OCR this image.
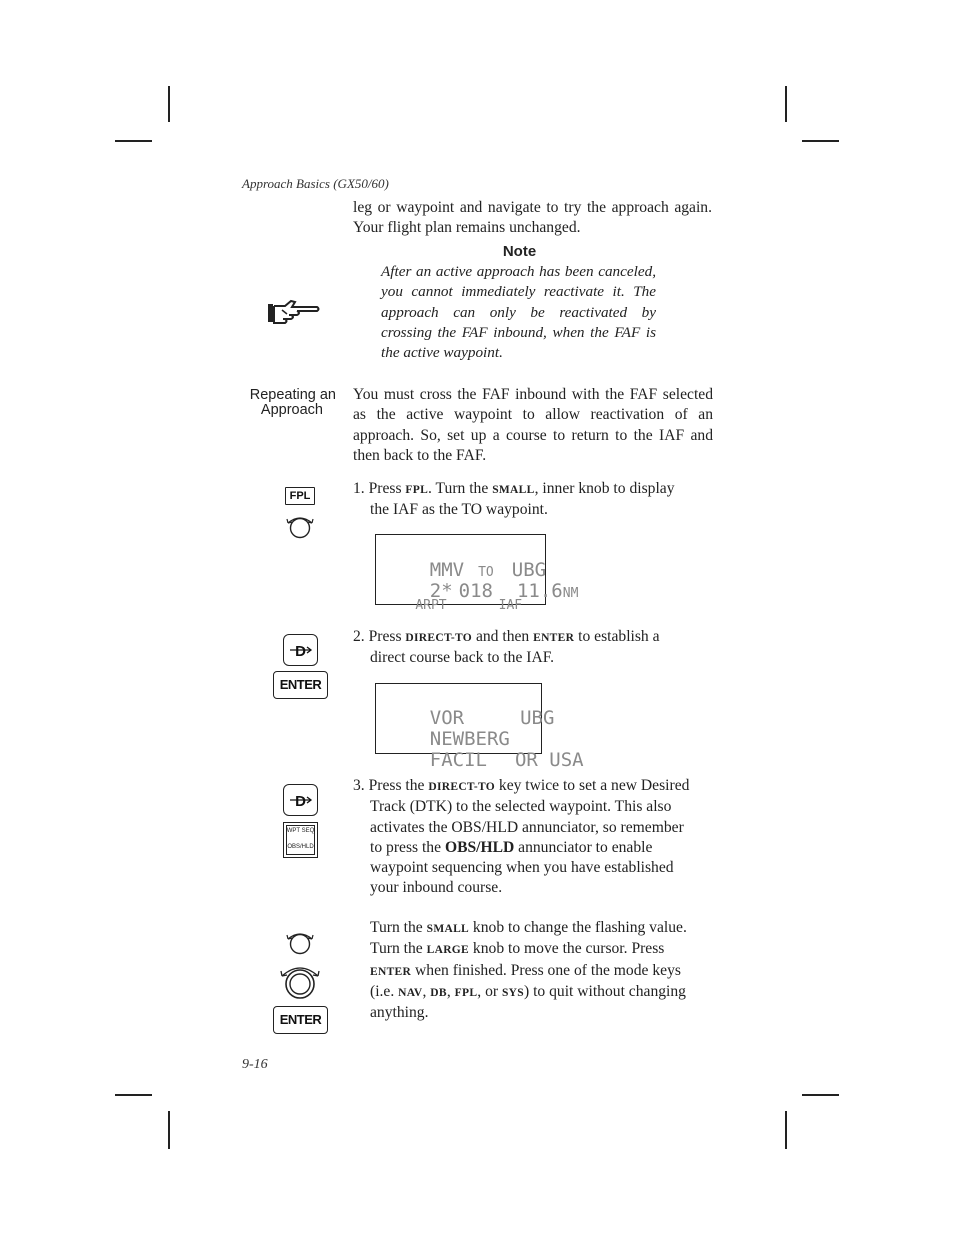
Approach Basics (GX50/60)
leg or waypoint and navigate to try the approach again. Your flight plan remains unchanged.
Note
After an active approach has been canceled, you cannot immediately reactivate it. The approach can only be reactivated by crossing the FAF inbound, when the FAF is the active waypoint.
Repeating an
Approach
You must cross the FAF inbound with the FAF selected as the active waypoint to allow reactivation of an approach. So, set up a course to return to the IAF and then back to the FAF.
FPL	1. Press FPL. Turn the SMALL, inner knob to display
the IAF as the TO waypoint.

MMV TO UBG

2* 018 11.6NM

ARPT	IAF

D
ENTER
2. Press DIRECT-TO and then ENTER to establish a
direct course back to the IAF.

VOR	UBG

NEWBERG

FACIL OR USA

D
WPT SEQ
OBS/HLD
3. Press the DIRECT-TO key twice to set a new Desired
Track (DTK) to the selected waypoint. This also
activates the OBS/HLD annunciator, so remember
to press the OBS/HLD annunciator to enable
waypoint sequencing when you have established
your inbound course.
ENTER
Turn the SMALL knob to change the flashing value.
Turn the LARGE knob to move the cursor. Press
ENTER when finished. Press one of the mode keys
(i.e. NAV, DB, FPL, or SYS) to quit without changing
anything.
9-16
